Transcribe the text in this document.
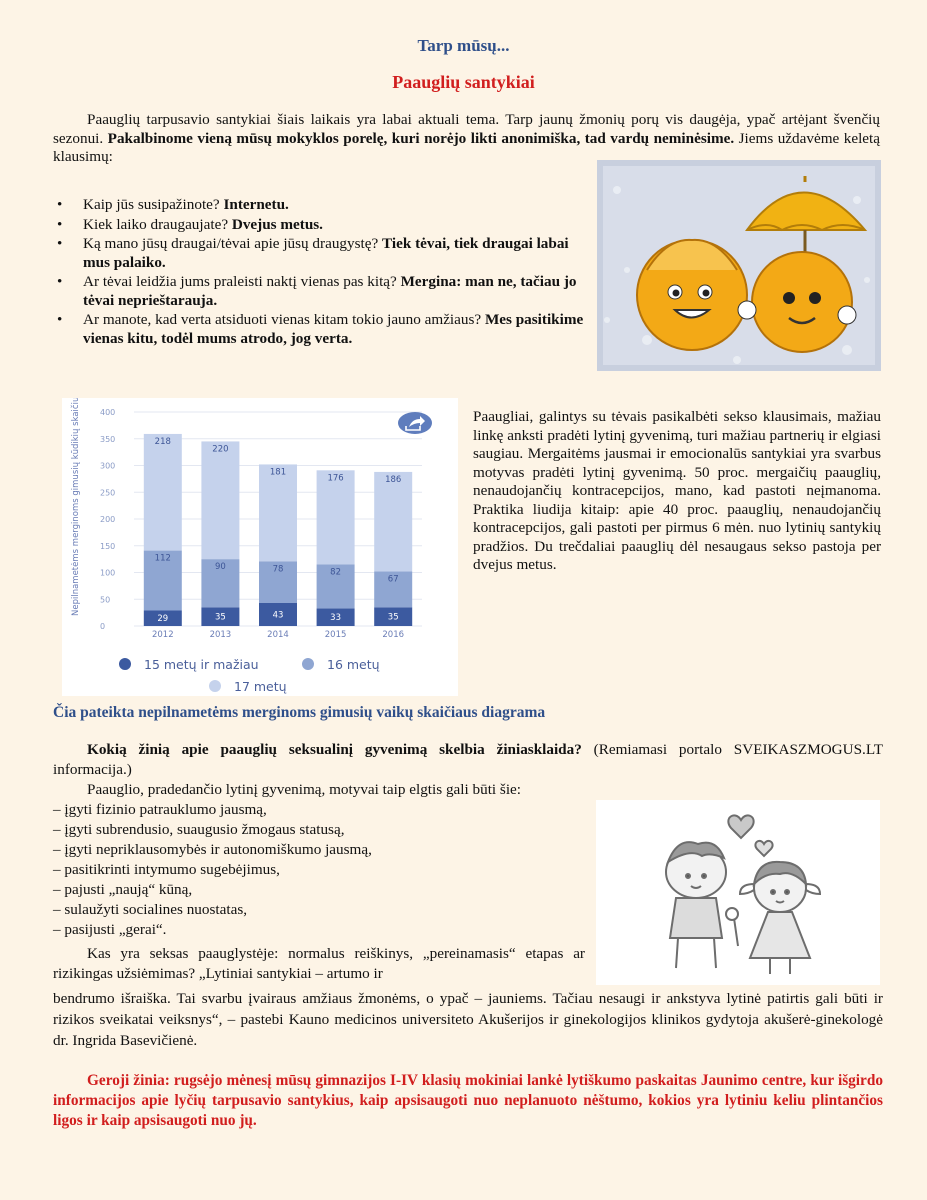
Tarp mūsų...
Paauglių santykiai
Paauglių tarpusavio santykiai šiais laikais yra labai aktuali tema. Tarp jaunų žmonių porų vis daugėja, ypač artėjant švenčių sezonui. Pakalbinome vieną mūsų mokyklos porelę, kuri norėjo likti anonimiška, tad vardų neminėsime. Jiems uždavėme keletą klausimų:
• Kaip jūs susipažinote? Internetu.
• Kiek laiko draugaujate? Dvejus metus.
• Ką mano jūsų draugai/tėvai apie jūsų draugystę? Tiek tėvai, tiek draugai labai mus palaiko.
• Ar tėvai leidžia jums praleisti naktį vienas pas kitą? Mergina: man ne, tačiau jo tėvai neprieštarauja.
• Ar manote, kad verta atsiduoti vienas kitam tokio jauno amžiaus? Mes pasitikime vienas kitu, todėl mums atrodo, jog verta.
Nepilnametėms merginoms gimusių kūdikių skaičius
0
50
100
150
200
250
300
350
400
29
112
218
35
90
220
43
78
181
33
82
176
35
67
186
2012	2013	2014	2015	2016
15 metų ir mažiau	16 metų
17 metų
Paaugliai, galintys su tėvais pasikalbėti sekso klausimais, mažiau linkę anksti pradėti lytinį gyvenimą, turi mažiau partnerių ir elgiasi saugiau. Mergaitėms jausmai ir emocionalūs santykiai yra svarbus motyvas pradėti lytinį gyvenimą. 50 proc. mergaičių paauglių, nenaudojančių kontracepcijos, mano, kad pastoti neįmanoma. Praktika liudija kitaip: apie 40 proc. paauglių, nenaudojančių kontracepcijos, gali pastoti per pirmus 6 mėn. nuo lytinių santykių pradžios. Du trečdaliai paauglių dėl nesaugaus sekso pastoja per dvejus metus.
Čia pateikta nepilnametėms merginoms gimusių vaikų skaičiaus diagrama
Kokią žinią apie paauglių seksualinį gyvenimą skelbia žiniasklaida? (Remiamasi portalo SVEIKASZMOGUS.LT informacija.)
Paauglio, pradedančio lytinį gyvenimą, motyvai taip elgtis gali būti šie:
– įgyti fizinio patrauklumo jausmą,
– įgyti subrendusio, suaugusio žmogaus statusą,
– įgyti nepriklausomybės ir autonomiškumo jausmą,
– pasitikrinti intymumo sugebėjimus,
– pajusti „naują“ kūną,
– sulaužyti socialines nuostatas,
– pasijusti „gerai“.
Kas yra seksas paauglystėje: normalus reiškinys, „pereinamasis“ etapas ar rizikingas užsiėmimas? „Lytiniai santykiai – artumo ir
bendrumo išraiška. Tai svarbu įvairaus amžiaus žmonėms, o ypač – jauniems. Tačiau nesaugi ir ankstyva lytinė patirtis gali būti ir rizikos sveikatai veiksnys“, – pastebi Kauno medicinos universiteto Akušerijos ir ginekologijos klinikos gydytoja akušerė-ginekologė dr. Ingrida Basevičienė.
Geroji žinia: rugsėjo mėnesį mūsų gimnazijos I-IV klasių mokiniai lankė lytiškumo paskaitas Jaunimo centre, kur išgirdo informacijos apie lyčių tarpusavio santykius, kaip apsisaugoti nuo neplanuoto nėštumo, kokios yra lytiniu keliu plintančios ligos ir kaip apsisaugoti nuo jų.
